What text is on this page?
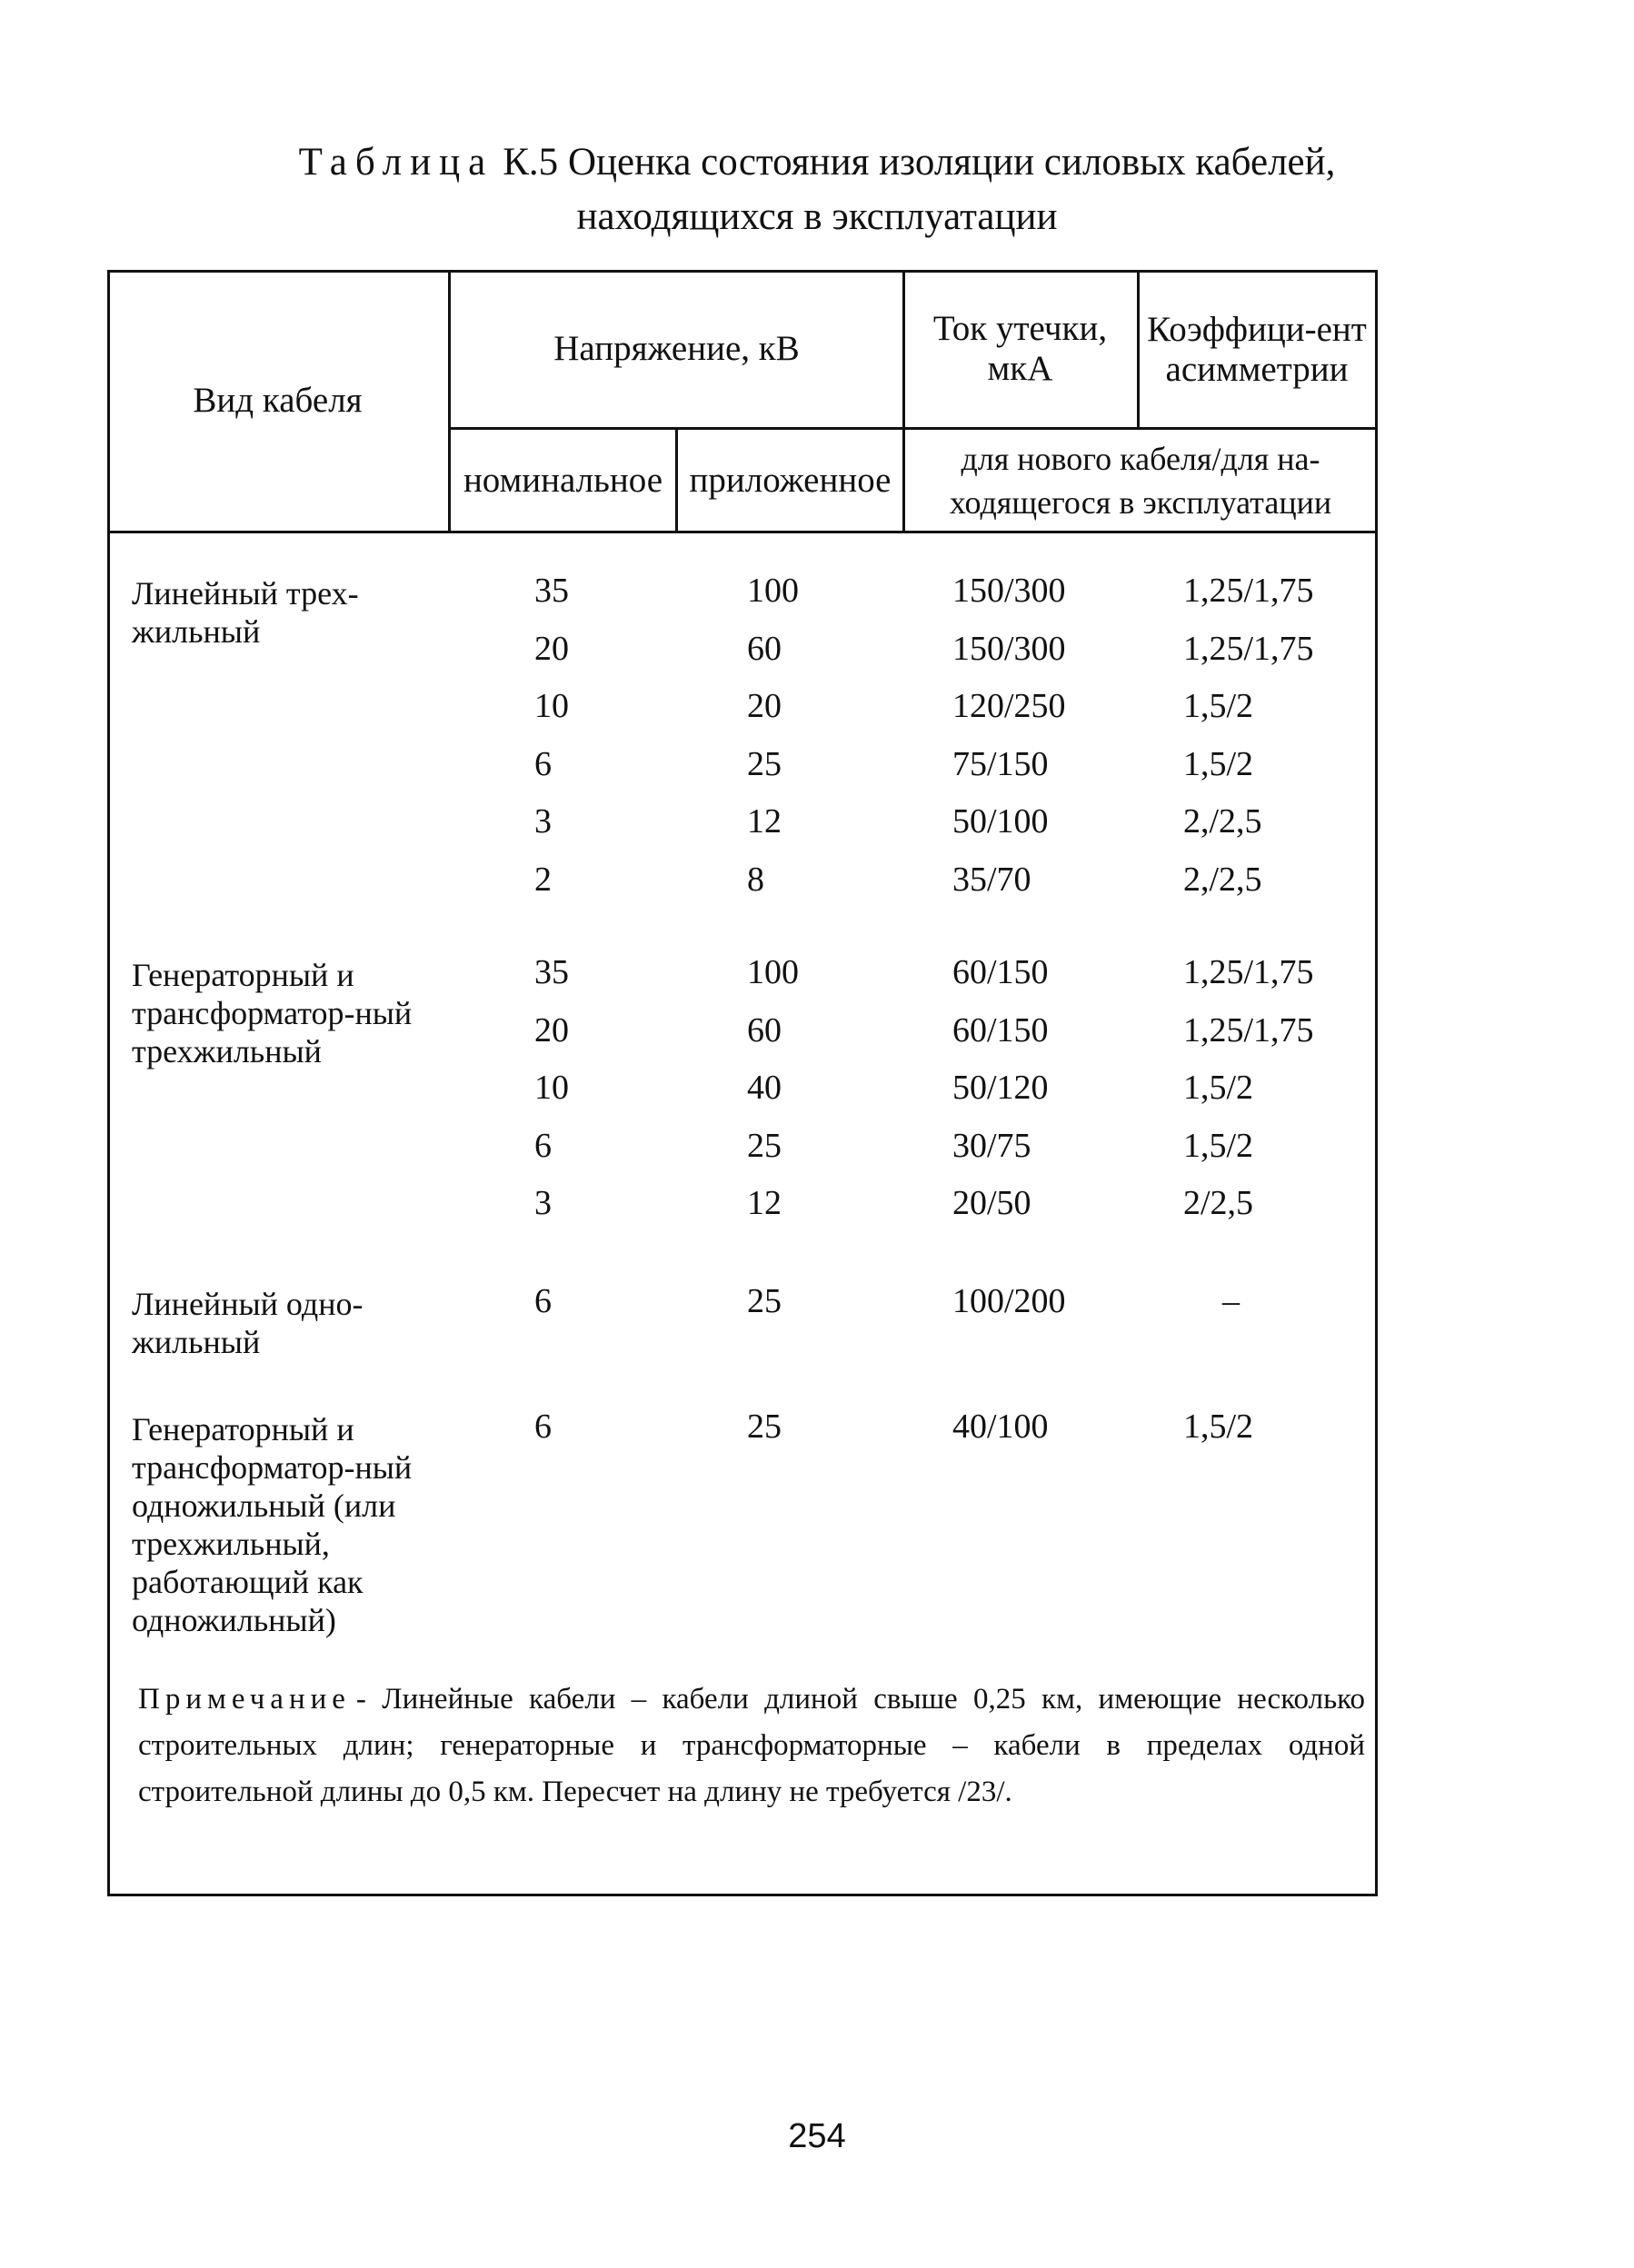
Таблица К.5 Оценка состояния изоляции силовых кабелей,
находящихся в эксплуатации
Вид кабеля
Напряжение, кВ
номинальное приложенное
Ток утечки, мкА
Коэффици-ент асимметрии
для нового кабеля/для на-ходящегося в эксплуатации
Линейный трех-жильный
35	100	150/300	1,25/1,75
20	60	150/300	1,25/1,75
10	20	120/250	1,5/2
6	25	75/150	1,5/2
3	12	50/100	2,/2,5
2	8	35/70	2,/2,5
Генераторный и трансформатор-ный трехжильный
35	100	60/150	1,25/1,75
20	60	60/150	1,25/1,75
10	40	50/120	1,5/2
6	25	30/75	1,5/2
3	12	20/50	2/2,5
Линейный одно-жильный
6	25	100/200	–
Генераторный и трансформатор-ный одножильный (или трехжильный, работающий как одножильный)
6	25	40/100	1,5/2
Примечание - Линейные кабели – кабели длиной свыше 0,25 км, имеющие несколько строительных длин; генераторные и трансформаторные – кабели в пределах одной строительной длины до 0,5 км. Пересчет на длину не требуется /23/.
254
